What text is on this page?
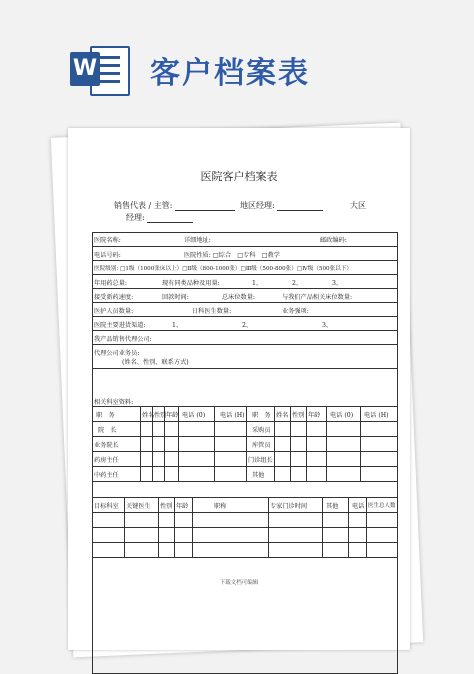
W 客户档案表
医院客户档案表
销售代表 / 主管:	地区经理:	大区
经理:
医院名称:	详细地址:	邮政编码:
电话号码:	医院性质: □综合　□专科　□教学
医院级别: □1级（1000张床以上）□Ⅱ级（800-1000张）□Ⅲ级（500-800张）□Ⅳ级（500张以下）
年用药总量:	现有同类品种及用量:	1、	2、	3、
接受新药速度:	回款时间:	总床位数量:	与我们产品相关床位数量:
医护人员数量:	日科医生数量:	业务强项:
医院主要进货渠道:	1、	2、	3、
我产品销售代理公司:
代理公司业务员:
(姓名、性别、联系方式)
相关科室资料:
职　务	姓名 性别 年龄 电话 (0) 电话 (H) 职　务 姓名 性别 年龄 电话 (0) 电话 (H)
院　长	采购员
业务院长	库管员
药房主任	门诊组长
中药主任	其他
目标科室 关键医生 性别 年龄	职称	专家门诊时间	其他 电话 医生总人数
下载文档可编辑
